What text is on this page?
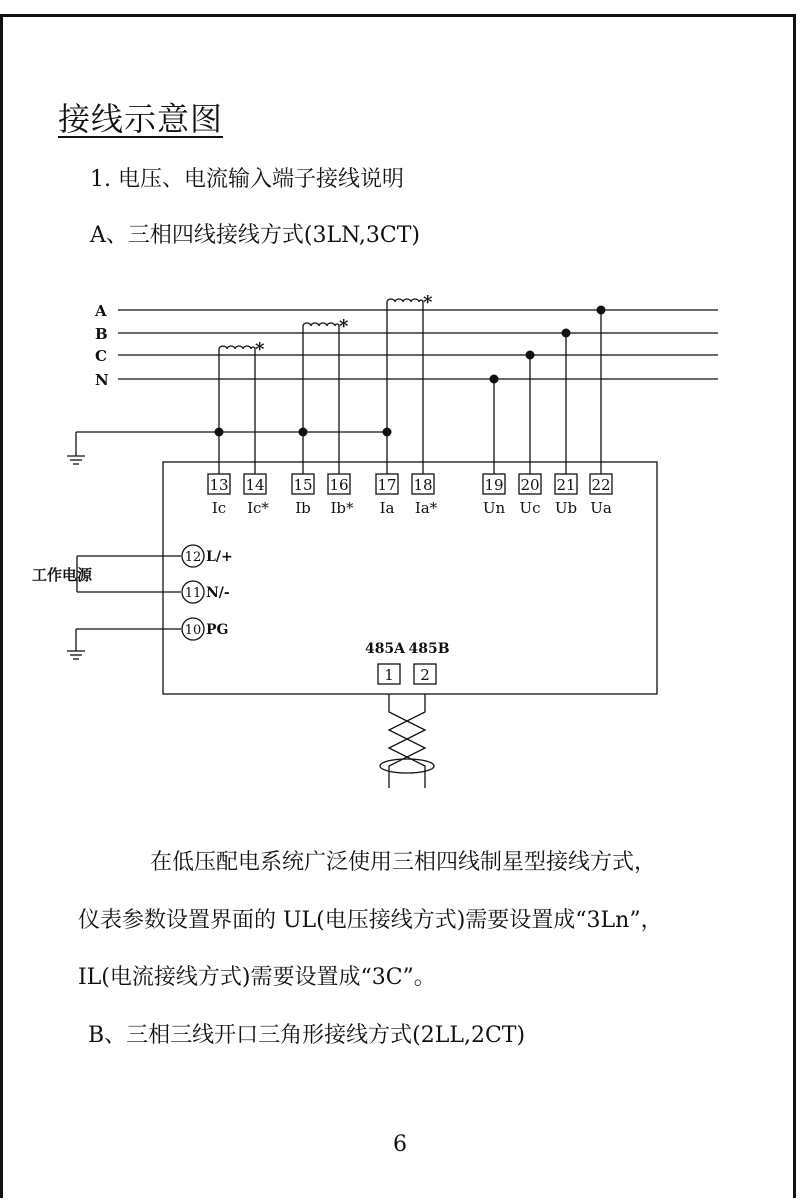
接线示意图
1. 电压、电流输入端子接线说明
A、三相四线接线方式(3LN,3CT)
A
B
C
N
*
*
*
13 14 15 16 17 18	19 20 21 22
Ic Ic* Ib Ib* Ia Ia*	Un Uc Ub Ua
工作电源
12
11
10
L/+
N/-
PG
485A 485B
1 2
在低压配电系统广泛使用三相四线制星型接线方式，
仪表参数设置界面的 UL(电压接线方式)需要设置成“3Ln”，
IL(电流接线方式)需要设置成“3C”。
B、三相三线开口三角形接线方式(2LL,2CT)
6
